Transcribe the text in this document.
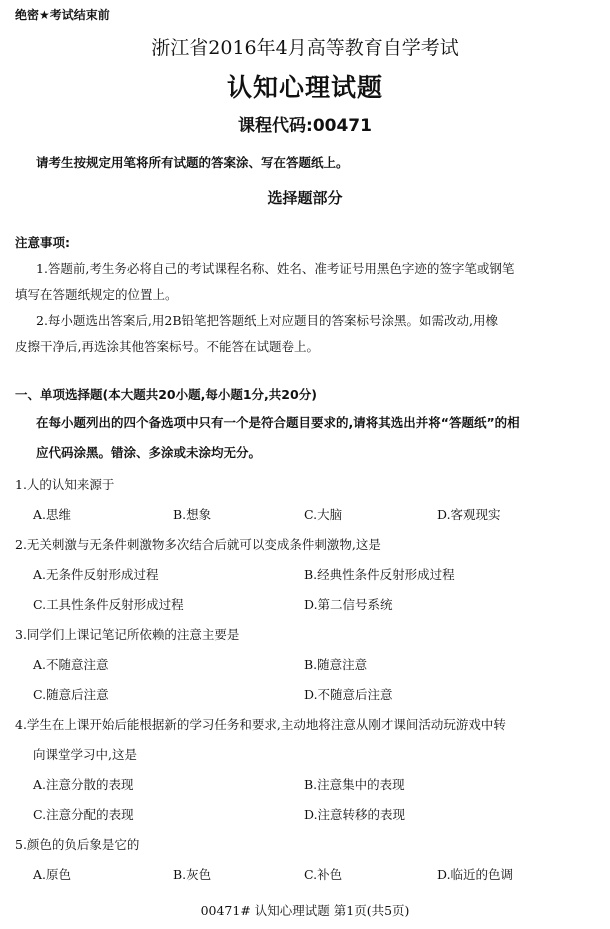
绝密★考试结束前
浙江省2016年4月高等教育自学考试
认知心理试题
课程代码:00471
请考生按规定用笔将所有试题的答案涂、写在答题纸上。
选择题部分
注意事项:
1.答题前,考生务必将自己的考试课程名称、姓名、准考证号用黑色字迹的签字笔或钢笔
填写在答题纸规定的位置上。
2.每小题选出答案后,用2B铅笔把答题纸上对应题目的答案标号涂黑。如需改动,用橡
皮擦干净后,再选涂其他答案标号。不能答在试题卷上。
一、单项选择题(本大题共20小题,每小题1分,共20分)
在每小题列出的四个备选项中只有一个是符合题目要求的,请将其选出并将“答题纸”的相
应代码涂黑。错涂、多涂或未涂均无分。
1.人的认知来源于
A.思维	B.想象	C.大脑	D.客观现实
2.无关刺激与无条件刺激物多次结合后就可以变成条件刺激物,这是
A.无条件反射形成过程	B.经典性条件反射形成过程
C.工具性条件反射形成过程	D.第二信号系统
3.同学们上课记笔记所依赖的注意主要是
A.不随意注意	B.随意注意
C.随意后注意	D.不随意后注意
4.学生在上课开始后能根据新的学习任务和要求,主动地将注意从刚才课间活动玩游戏中转
向课堂学习中,这是
A.注意分散的表现	B.注意集中的表现
C.注意分配的表现	D.注意转移的表现
5.颜色的负后象是它的
A.原色	B.灰色	C.补色	D.临近的色调
00471# 认知心理试题 第1页(共5页)
